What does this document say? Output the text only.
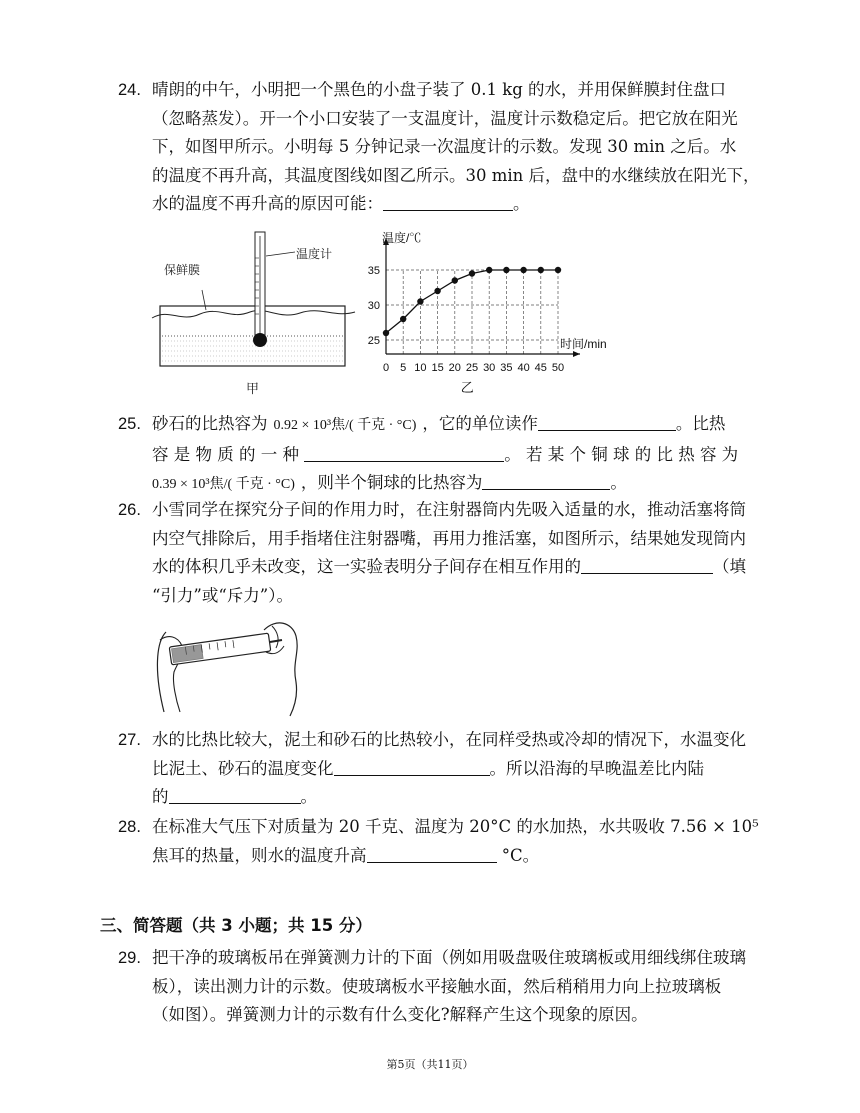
24. 晴朗的中午，小明把一个黑色的小盘子装了 0.1 kg 的水，并用保鲜膜封住盘口
（忽略蒸发）。开一个小口安装了一支温度计，温度计示数稳定后。把它放在阳光
下，如图甲所示。小明每 5 分钟记录一次温度计的示数。发现 30 min 之后。水
的温度不再升高，其温度图线如图乙所示。30 min 后，盘中的水继续放在阳光下，
水的温度不再升高的原因可能：	。
保鲜膜
温度计
甲
0 5 10 15 20 25 30 35 40 45 50
25
30
35
温度/℃
时间/min
乙
25. 砂石的比热容为 0.92 × 10³焦/( 千克 · °C) ，它的单位读作	。比热
容 是 物 质 的 一 种	。 若 某 个 铜 球 的 比 热 容 为
0.39 × 10³焦/( 千克 · °C) ，则半个铜球的比热容为	。
26. 小雪同学在探究分子间的作用力时，在注射器筒内先吸入适量的水，推动活塞将筒
内空气排除后，用手指堵住注射器嘴，再用力推活塞，如图所示，结果她发现筒内
水的体积几乎未改变，这一实验表明分子间存在相互作用的	（填
“引力”或“斥力”）。
27. 水的比热比较大，泥土和砂石的比热较小，在同样受热或冷却的情况下，水温变化
比泥土、砂石的温度变化	。所以沿海的早晚温差比内陆
的	。
28. 在标准大气压下对质量为 20 千克、温度为 20°C 的水加热，水共吸收 7.56 × 10⁵
焦耳的热量，则水的温度升高	°C。
三、简答题（共 3 小题；共 15 分）
29. 把干净的玻璃板吊在弹簧测力计的下面（例如用吸盘吸住玻璃板或用细线绑住玻璃
板），读出测力计的示数。使玻璃板水平接触水面，然后稍稍用力向上拉玻璃板
（如图）。弹簧测力计的示数有什么变化?解释产生这个现象的原因。
第5页（共11页）
